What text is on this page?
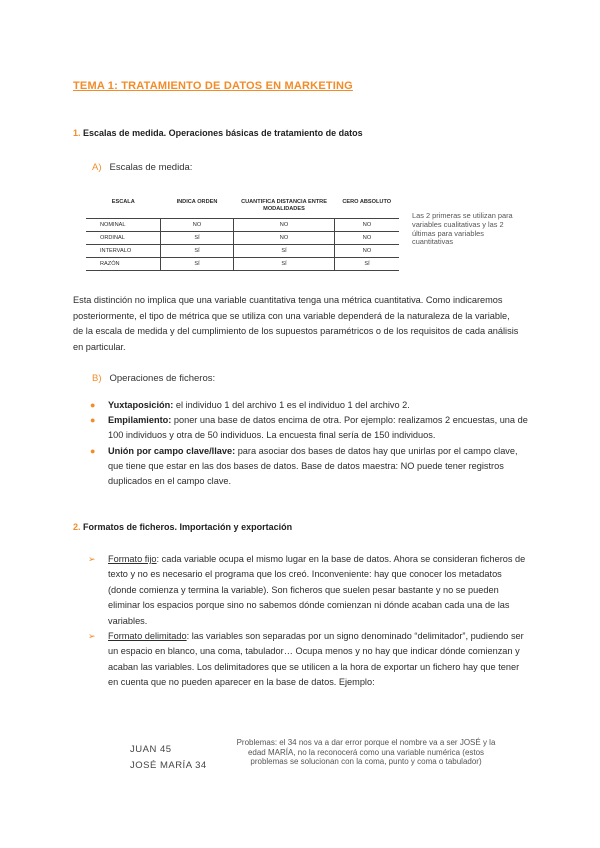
TEMA 1: TRATAMIENTO DE DATOS EN MARKETING
1. Escalas de medida. Operaciones básicas de tratamiento de datos
A) Escalas de medida:
ESCALA	INDICA ORDEN	CUANTIFICA DISTANCIA ENTRE MODALIDADES	CERO ABSOLUTO
NOMINAL	NO	NO	NO
ORDINAL	SÍ	NO	NO
INTERVALO	SÍ	SÍ	NO
RAZÓN	SÍ	SÍ	SÍ
Las 2 primeras se utilizan para variables cualitativas y las 2 últimas para variables cuantitativas
Esta distinción no implica que una variable cuantitativa tenga una métrica cuantitativa. Como indicaremos posteriormente, el tipo de métrica que se utiliza con una variable dependerá de la naturaleza de la variable, de la escala de medida y del cumplimiento de los supuestos paramétricos o de los requisitos de cada análisis en particular.
B) Operaciones de ficheros:
● Yuxtaposición: el individuo 1 del archivo 1 es el individuo 1 del archivo 2.
● Empilamiento: poner una base de datos encima de otra. Por ejemplo: realizamos 2 encuestas, una de 100 individuos y otra de 50 individuos. La encuesta final sería de 150 individuos.
● Unión por campo clave/llave: para asociar dos bases de datos hay que unirlas por el campo clave, que tiene que estar en las dos bases de datos. Base de datos maestra: NO puede tener registros duplicados en el campo clave.
2. Formatos de ficheros. Importación y exportación
➢ Formato fijo: cada variable ocupa el mismo lugar en la base de datos. Ahora se consideran ficheros de texto y no es necesario el programa que los creó. Inconveniente: hay que conocer los metadatos (donde comienza y termina la variable). Son ficheros que suelen pesar bastante y no se pueden eliminar los espacios porque sino no sabemos dónde comienzan ni dónde acaban cada una de las variables.
➢ Formato delimitado: las variables son separadas por un signo denominado “delimitador”, pudiendo ser un espacio en blanco, una coma, tabulador… Ocupa menos y no hay que indicar dónde comienzan y acaban las variables. Los delimitadores que se utilicen a la hora de exportar un fichero hay que tener en cuenta que no pueden aparecer en la base de datos. Ejemplo:
JUAN 45
JOSÉ MARÍA 34
Problemas: el 34 nos va a dar error porque el nombre va a ser JOSÉ y la edad MARÍA, no la reconocerá como una variable numérica (estos problemas se solucionan con la coma, punto y coma o tabulador)
